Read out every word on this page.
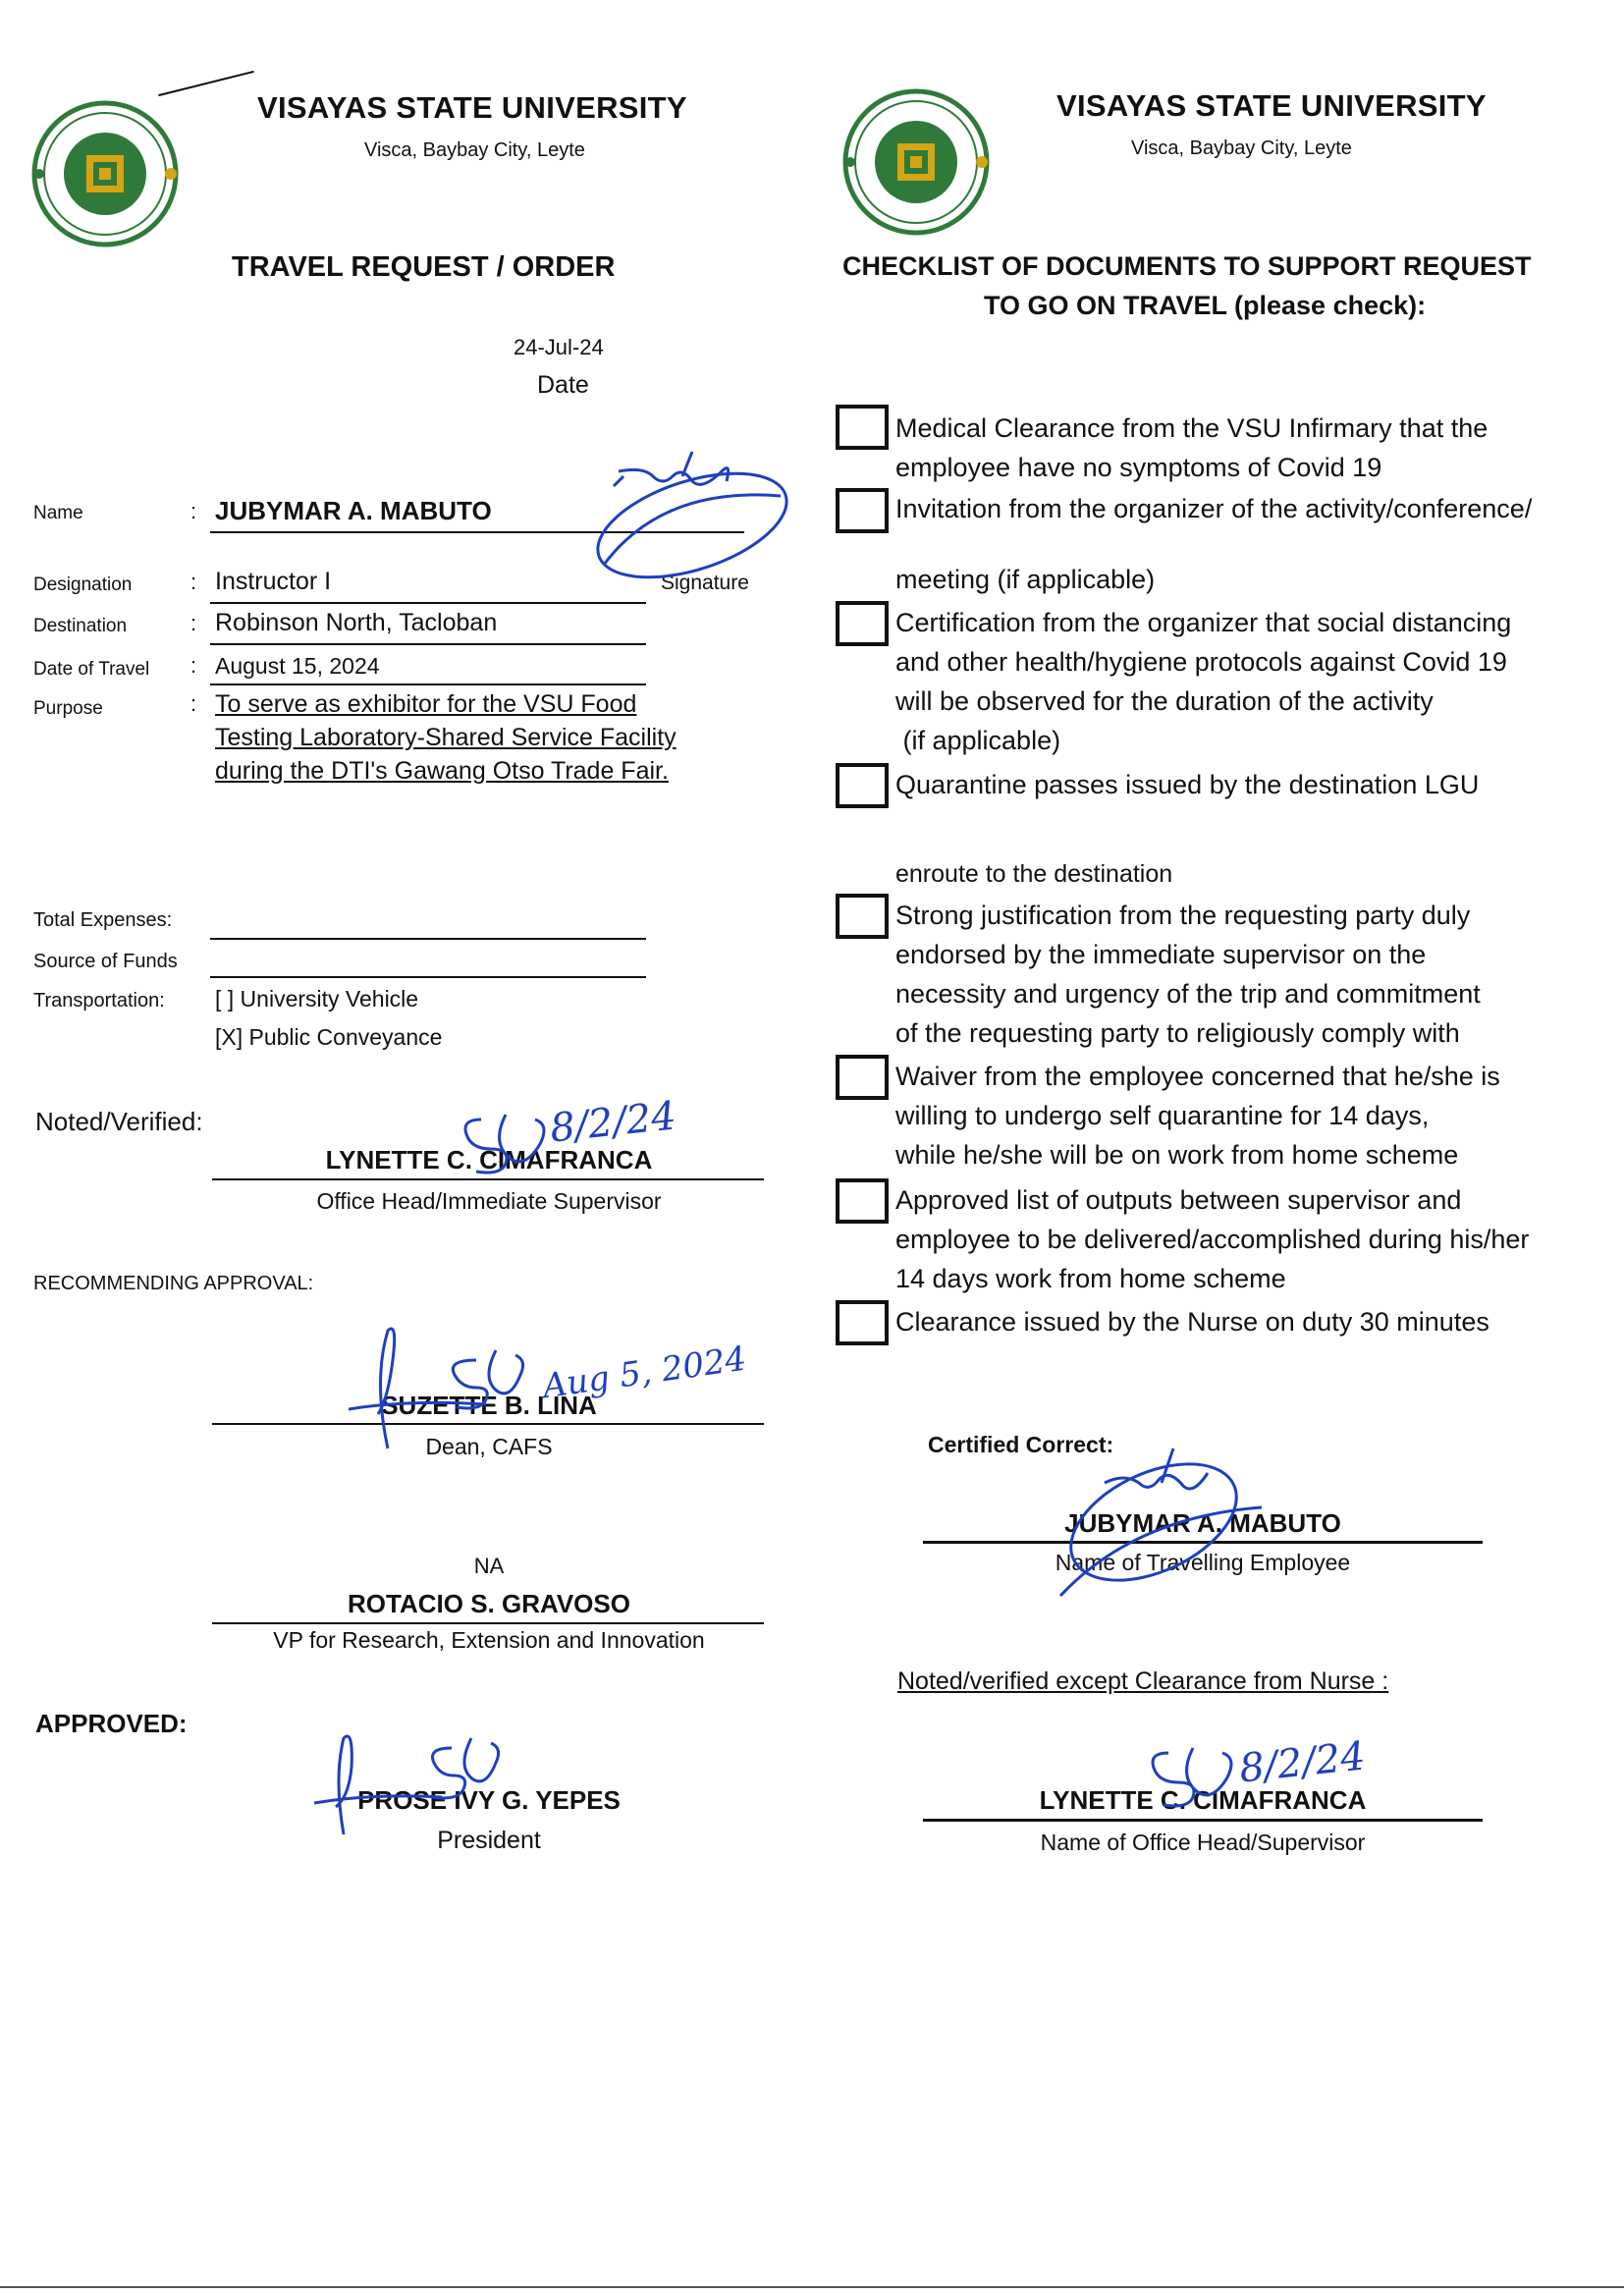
VISAYAS STATE UNIVERSITY
Visca, Baybay City, Leyte
TRAVEL REQUEST / ORDER
24-Jul-24
Date
Name	: JUBYMAR A. MABUTO
Designation	: Instructor I	Signature
Destination	: Robinson North, Tacloban
Date of Travel : August 15, 2024
Purpose	: To serve as exhibitor for the VSU Food
Testing Laboratory-Shared Service Facility
during the DTI's Gawang Otso Trade Fair.
Total Expenses:
Source of Funds
Transportation: [ ] University Vehicle
[X] Public Conveyance
Noted/Verified:
LYNETTE C. CIMAFRANCA
Office Head/Immediate Supervisor
RECOMMENDING APPROVAL:
SUZETTE B. LINA
Dean, CAFS
NA
ROTACIO S. GRAVOSO
VP for Research, Extension and Innovation
APPROVED:
PROSE IVY G. YEPES
President
VISAYAS STATE UNIVERSITY
Visca, Baybay City, Leyte
CHECKLIST OF DOCUMENTS TO SUPPORT REQUEST
TO GO ON TRAVEL (please check):
Medical Clearance from the VSU Infirmary that the
employee have no symptoms of Covid 19
Invitation from the organizer of the activity/conference/
meeting (if applicable)
Certification from the organizer that social distancing
and other health/hygiene protocols against Covid 19
will be observed for the duration of the activity
(if applicable)
Quarantine passes issued by the destination LGU
enroute to the destination
Strong justification from the requesting party duly
endorsed by the immediate supervisor on the
necessity and urgency of the trip and commitment
of the requesting party to religiously comply with
Waiver from the employee concerned that he/she is
willing to undergo self quarantine for 14 days,
while he/she will be on work from home scheme
Approved list of outputs between supervisor and
employee to be delivered/accomplished during his/her
14 days work from home scheme
Clearance issued by the Nurse on duty 30 minutes
Certified Correct:
JUBYMAR A. MABUTO
Name of Travelling Employee
Noted/verified except Clearance from Nurse :
LYNETTE C. CIMAFRANCA
Name of Office Head/Supervisor
8/2/24
Aug 5, 2024
8/2/24
